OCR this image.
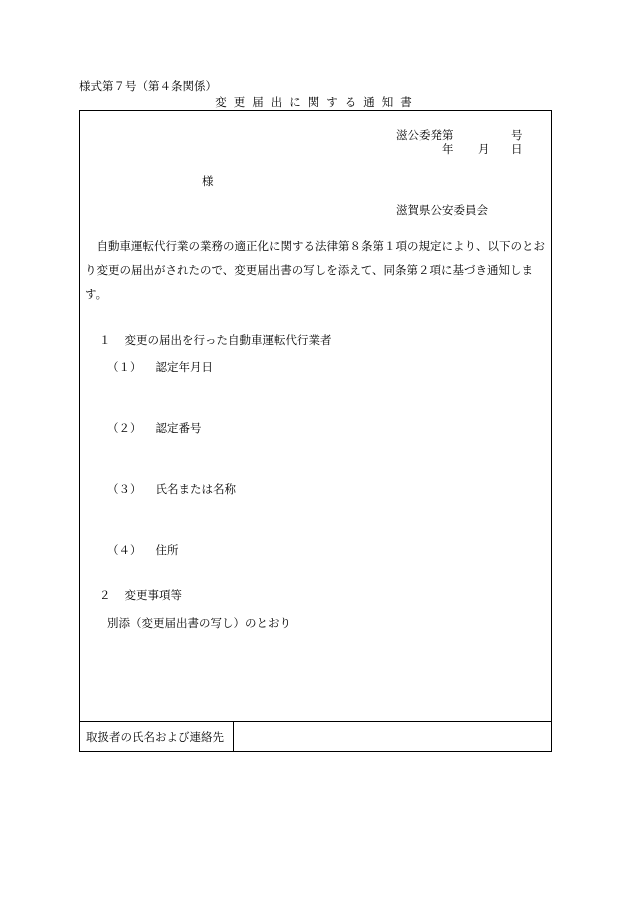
様式第７号（第４条関係）
変更届出に関する通知書
取扱者の氏名および連絡先
滋公委発第	号
年 月 日
様
滋賀県公安委員会
自動車運転代行業の業務の適正化に関する法律第８条第１項の規定により、以下のとおり変更の届出がされたので、変更届出書の写しを添えて、同条第２項に基づき通知します。
１ 変更の届出を行った自動車運転代行業者
（１） 認定年月日
（２） 認定番号
（３） 氏名または名称
（４） 住所
２ 変更事項等
別添（変更届出書の写し）のとおり
